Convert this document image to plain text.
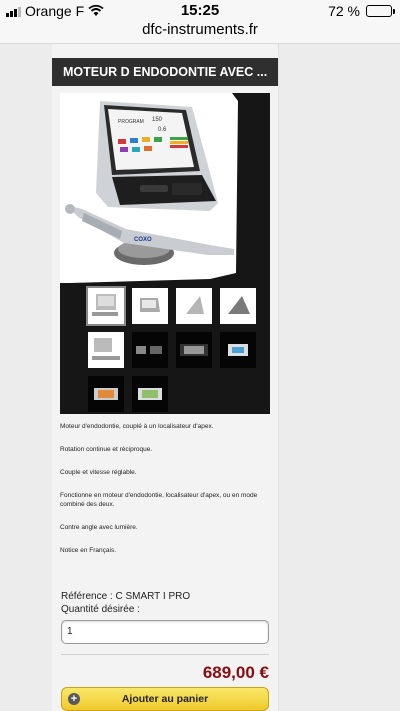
Orange F	15:25	72 %
dfc-instruments.fr
MOTEUR D ENDODONTIE AVEC ...
PROGRAM 150
0.6
COXO

Moteur d'endodontie, couplé à un localisateur d'apex.

Rotation continue et réciproque.

Couple et vitesse réglable.

Fonctionne en moteur d'endodontie, localisateur d'apex, ou en mode combiné des deux.

Contre angle avec lumière.

Notice en Français.

Référence : C SMART I PRO
Quantité désirée :
1
689,00 €
+	Ajouter au panier
